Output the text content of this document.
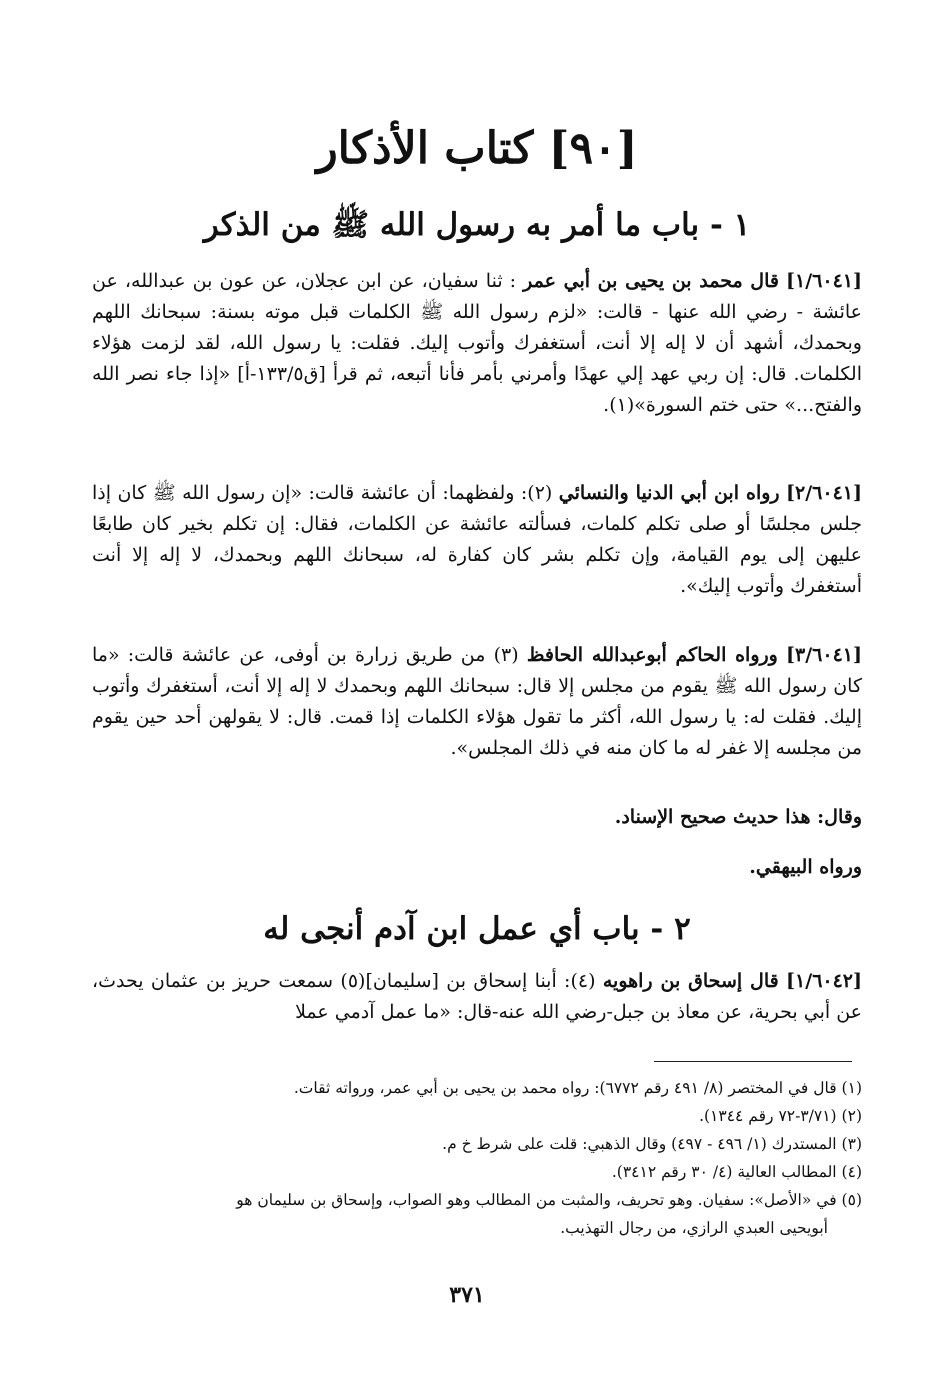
[٩٠] كتاب الأذكار
١ - باب ما أمر به رسول الله ﷺ من الذكر

[١/٦٠٤١] قال محمد بن يحيى بن أبي عمر : ثنا سفيان، عن ابن عجلان، عن عون بن عبدالله، عن عائشة - رضي الله عنها - قالت: «لزم رسول الله ﷺ الكلمات قبل موته بسنة: سبحانك اللهم وبحمدك، أشهد أن لا إله إلا أنت، أستغفرك وأتوب إليك. فقلت: يا رسول الله، لقد لزمت هؤلاء الكلمات. قال: إن ربي عهد إلي عهدًا وأمرني بأمر فأنا أتبعه، ثم قرأ [ق١٣٣/٥-أ] «إذا جاء نصر الله والفتح...» حتى ختم السورة»(١).

[٢/٦٠٤١] رواه ابن أبي الدنيا والنسائي (٢): ولفظهما: أن عائشة قالت: «إن رسول الله ﷺ كان إذا جلس مجلسًا أو صلى تكلم كلمات، فسألته عائشة عن الكلمات، فقال: إن تكلم بخير كان طابعًا عليهن إلى يوم القيامة، وإن تكلم بشر كان كفارة له، سبحانك اللهم وبحمدك، لا إله إلا أنت أستغفرك وأتوب إليك».

[٣/٦٠٤١] ورواه الحاكم أبوعبدالله الحافظ (٣) من طريق زرارة بن أوفى، عن عائشة قالت: «ما كان رسول الله ﷺ يقوم من مجلس إلا قال: سبحانك اللهم وبحمدك لا إله إلا أنت، أستغفرك وأتوب إليك. فقلت له: يا رسول الله، أكثر ما تقول هؤلاء الكلمات إذا قمت. قال: لا يقولهن أحد حين يقوم من مجلسه إلا غفر له ما كان منه في ذلك المجلس».

وقال: هذا حديث صحيح الإسناد.

ورواه البيهقي.

٢ - باب أي عمل ابن آدم أنجى له

[١/٦٠٤٢] قال إسحاق بن راهويه (٤): أبنا إسحاق بن [سليمان](٥) سمعت حريز بن عثمان يحدث، عن أبي بحرية، عن معاذ بن جبل-رضي الله عنه-قال: «ما عمل آدمي عملا

(١) قال في المختصر (٨/ ٤٩١ رقم ٦٧٧٢): رواه محمد بن يحيى بن أبي عمر، ورواته ثقات.
(٢) (٣/٧١-٧٢ رقم ١٣٤٤).
(٣) المستدرك (١/ ٤٩٦ - ٤٩٧) وقال الذهبي: قلت على شرط خ م.
(٤) المطالب العالية (٤/ ٣٠ رقم ٣٤١٢).
(٥) في «الأصل»: سفيان. وهو تحريف، والمثبت من المطالب وهو الصواب، وإسحاق بن سليمان هو
أبويحيى العبدي الرازي، من رجال التهذيب.
٣٧١
